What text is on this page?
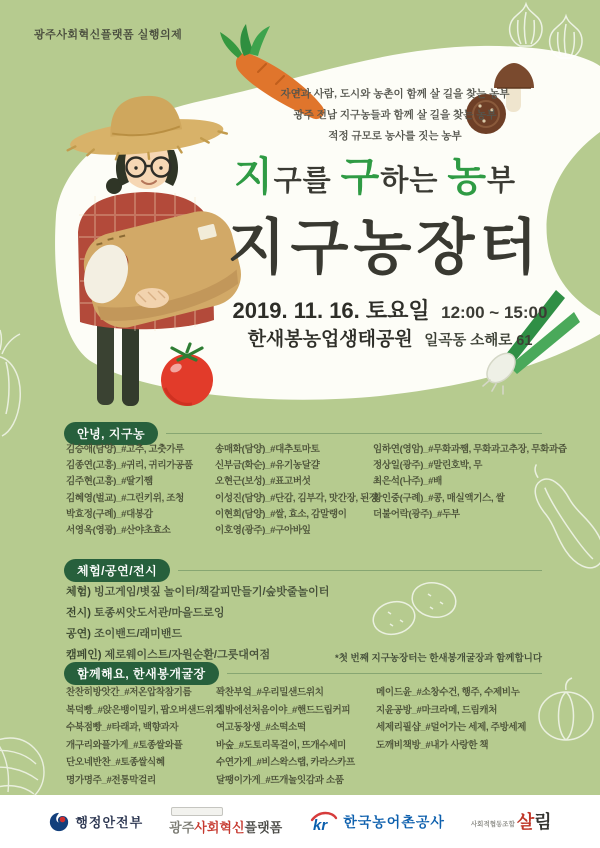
광주사회혁신플랫폼 실행의제
자연과 사람, 도시와 농촌이 함께 살 길을 찾는 농부
광주 전남 지구농들과 함께 살 길을 찾는 농부
적정 규모로 농사를 짓는 농부
지구를 구하는 농부
지구농장터
2019. 11. 16. 토요일 12:00 ~ 15:00
한새봉농업생태공원 일곡동 소해로 61
안녕, 지구농
김승애(담양)_#고추, 고춧가루
김종연(고흥)_#귀리, 귀리가공품
김주현(고흥)_#딸기쨈
김혜영(벌교)_#그린키위, 조청
박효정(구례)_#대봉감
서영옥(영광)_#산야초효소
송매화(담양)_#대추토마토
신부금(화순)_#유기농달걀
오현근(보성)_#표고버섯
이성진(담양)_#단감, 김부각, 맛간장, 된장
이현희(담양)_#쌀, 효소, 감말랭이
이호영(광주)_#구아바잎
임하연(영암)_#무화과쨈, 무화과고추장, 무화과즙
정상일(광주)_#말린호박, 무
최은석(나주)_#배
황인중(구례)_#콩, 매실액기스, 쌀
더불어락(광주)_#두부
체험/공연/전시
체험) 빙고게임/볏짚 놀이터/책갈피만들기/숲밧줄놀이터
전시) 토종씨앗도서관/마을드로잉
공연) 조이밴드/래미밴드
캠페인) 제로웨이스트/자원순환/그릇대여점	*첫 번째 지구농장터는 한새봉개굴장과 함께합니다
함께해요, 한새봉개굴장
찬찬히방앗간_#저온압착참기름
복덕빵_#앉은뱅이밀키, 팝오버샌드위치
수북점빵_#타래과, 백향과자
개구리와플가게_#토종쌀와플
단오네반찬_#토종쌀식혜
명가명주_#전통막걸리
꽉찬부엌_#우리밀샌드위치
집밖에선처음이야_#핸드드립커피
여고동창생_#소떡소떡
바숲_#도토리목걸이, 뜨개수세미
수연가게_#비스왁스랩, 카라스카프
달팽이가게_#뜨개놀잇감과 소품
메이드윤_#소창수건, 행주, 수제비누
지윤공방_#마크라메, 드림캐처
세제리필샵_#덜어가는 세제, 주방세제
도깨비책방_#내가 사랑한 책
행정안전부 광주사회혁신플랫폼 kr 한국농어촌공사	사회적협동조합 살림
